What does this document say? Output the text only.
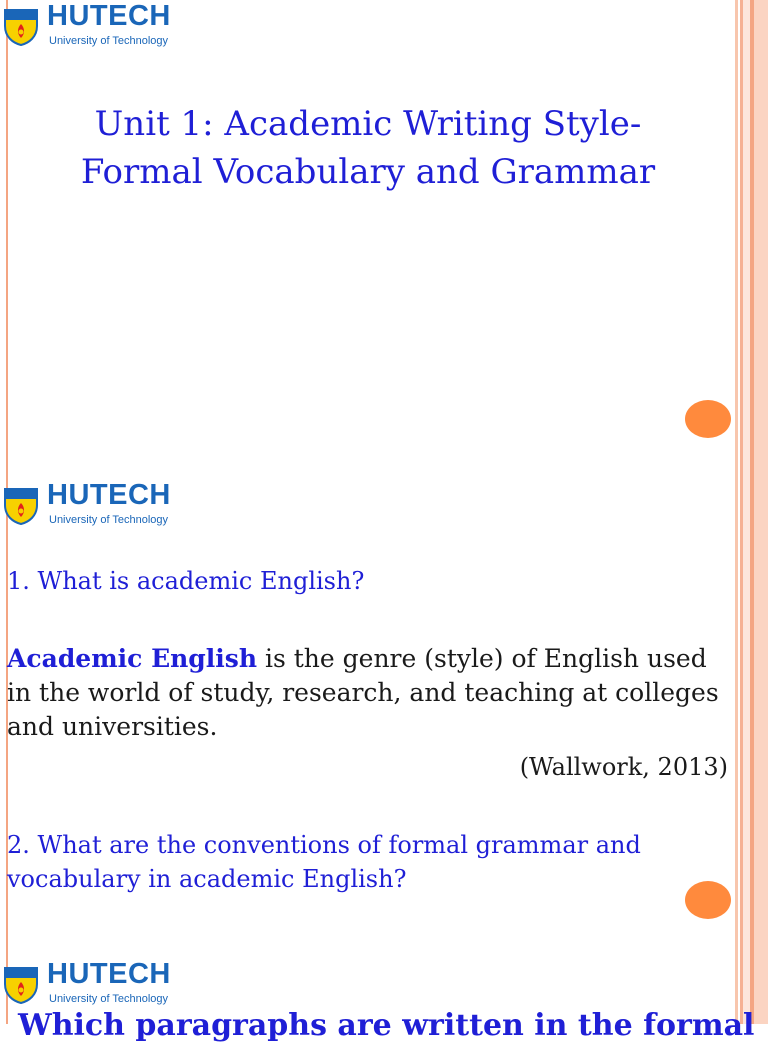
HUTECH
University of Technology
Unit 1: Academic Writing Style-
Formal Vocabulary and Grammar
HUTECH
University of Technology
1. What is academic English?
Academic English is the genre (style) of English used in the world of study, research, and teaching at colleges and universities.
(Wallwork, 2013)
2. What are the conventions of formal grammar and vocabulary in academic English?
HUTECH
University of Technology
Which paragraphs are written in the formal
